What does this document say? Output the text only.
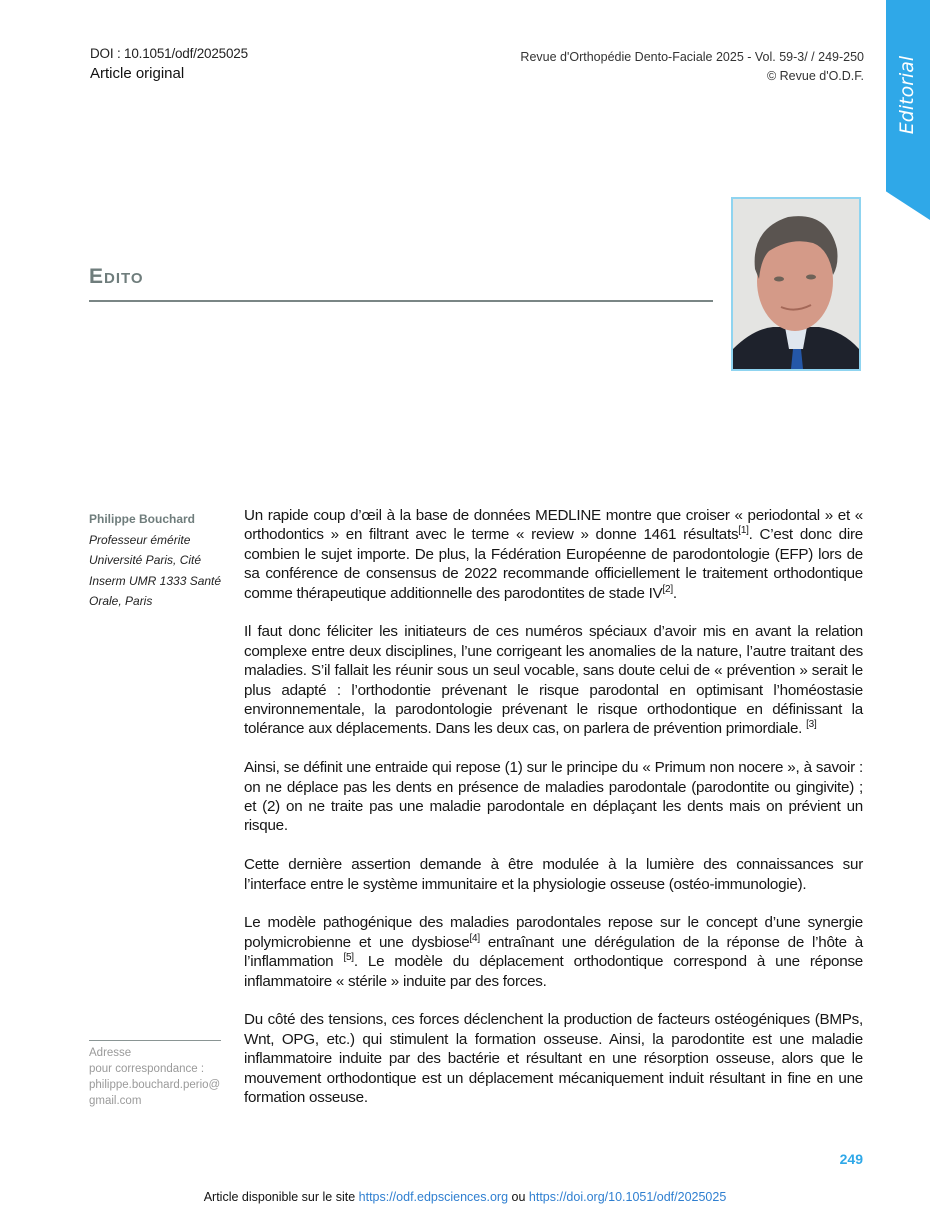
DOI : 10.1051/odf/2025025
Article original
Revue d'Orthopédie Dento-Faciale 2025 - Vol. 59-3/ / 249-250
© Revue d'O.D.F. Editorial
Edito
Philippe Bouchard
Professeur émérite
Université Paris, Cité
Inserm UMR 1333 Santé
Orale, Paris
Adresse
pour correspondance :
philippe.bouchard.perio@
gmail.com

Un rapide coup d’œil à la base de données MEDLINE montre que croiser « periodontal » et « orthodontics » en filtrant avec le terme « review » donne 1461 résultats[1]. C’est donc dire combien le sujet importe. De plus, la Fédération Européenne de parodontologie (EFP) lors de sa conférence de consensus de 2022 recommande officiellement le traitement orthodontique comme thérapeutique additionnelle des parodontites de stade IV[2].

Il faut donc féliciter les initiateurs de ces numéros spéciaux d’avoir mis en avant la relation complexe entre deux disciplines, l’une corrigeant les anomalies de la nature, l’autre traitant des maladies. S’il fallait les réunir sous un seul vocable, sans doute celui de « prévention » serait le plus adapté : l’orthodontie prévenant le risque parodontal en optimisant l’homéostasie environnementale, la parodontologie prévenant le risque orthodontique en définissant la tolérance aux déplacements. Dans les deux cas, on parlera de prévention primordiale. [3]

Ainsi, se définit une entraide qui repose (1) sur le principe du « Primum non nocere », à savoir : on ne déplace pas les dents en présence de maladies parodontale (parodontite ou gingivite) ; et (2) on ne traite pas une maladie parodontale en déplaçant les dents mais on prévient un risque.

Cette dernière assertion demande à être modulée à la lumière des connaissances sur l’interface entre le système immunitaire et la physiologie osseuse (ostéo-immunologie).

Le modèle pathogénique des maladies parodontales repose sur le concept d’une synergie polymicrobienne et une dysbiose[4] entraînant une dérégulation de la réponse de l’hôte à l’inflammation [5]. Le modèle du déplacement orthodontique correspond à une réponse inflammatoire « stérile » induite par des forces.

Du côté des tensions, ces forces déclenchent la production de facteurs ostéogéniques (BMPs, Wnt, OPG, etc.) qui stimulent la formation osseuse. Ainsi, la parodontite est une maladie inflammatoire induite par des bactérie et résultant en une résorption osseuse, alors que le mouvement orthodontique est un déplacement mécaniquement induit résultant in fine en une formation osseuse.

249
Article disponible sur le site https://odf.edpsciences.org ou https://doi.org/10.1051/odf/2025025
